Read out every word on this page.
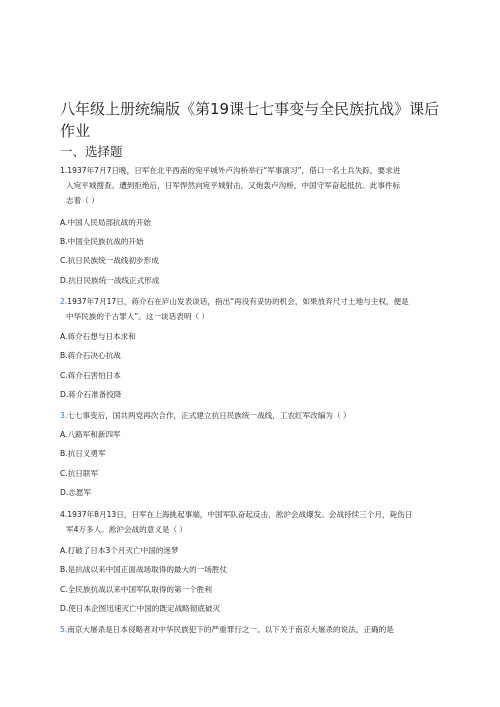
八年级上册统编版《第19课七七事变与全民族抗战》课后作业
一、选择题
1.1937年7月7日晚，日军在北平西南的宛平城外卢沟桥举行“军事演习”，借口一名士兵失踪，要求进
入宛平城搜查。遭到拒绝后，日军悍然向宛平城射击，又炮轰卢沟桥，中国守军奋起抵抗。此事件标
志着（ ）
A.中国人民局部抗战的开始
B.中国全民族抗战的开始
C.抗日民族统一战线初步形成
D.抗日民族统一战线正式形成
2.1937年7月17日，蒋介石在庐山发表谈话，指出“再没有妥协的机会，如果放弃尺寸土地与主权，便是
中华民族的千古罪人”。这一谈话表明（ ）
A.蒋介石想与日本求和
B.蒋介石决心抗战
C.蒋介石害怕日本
D.蒋介石准备投降
3.七七事变后，国共两党再次合作，正式建立抗日民族统一战线，工农红军改编为（ ）
A.八路军和新四军
B.抗日义勇军
C.抗日联军
D.志愿军
4.1937年8月13日，日军在上海挑起事端，中国军队奋起反击，淞沪会战爆发。会战持续三个月，毙伤日
军4万多人。淞沪会战的意义是（ ）
A.打破了日本3个月灭亡中国的迷梦
B.是抗战以来中国正面战场取得的最大的一场胜仗
C.全民族抗战以来中国军队取得的第一个胜利
D.使日本企图迅速灭亡中国的既定战略彻底破灭
5.南京大屠杀是日本侵略者对中华民族犯下的严重罪行之一。以下关于南京大屠杀的说法，正确的是
